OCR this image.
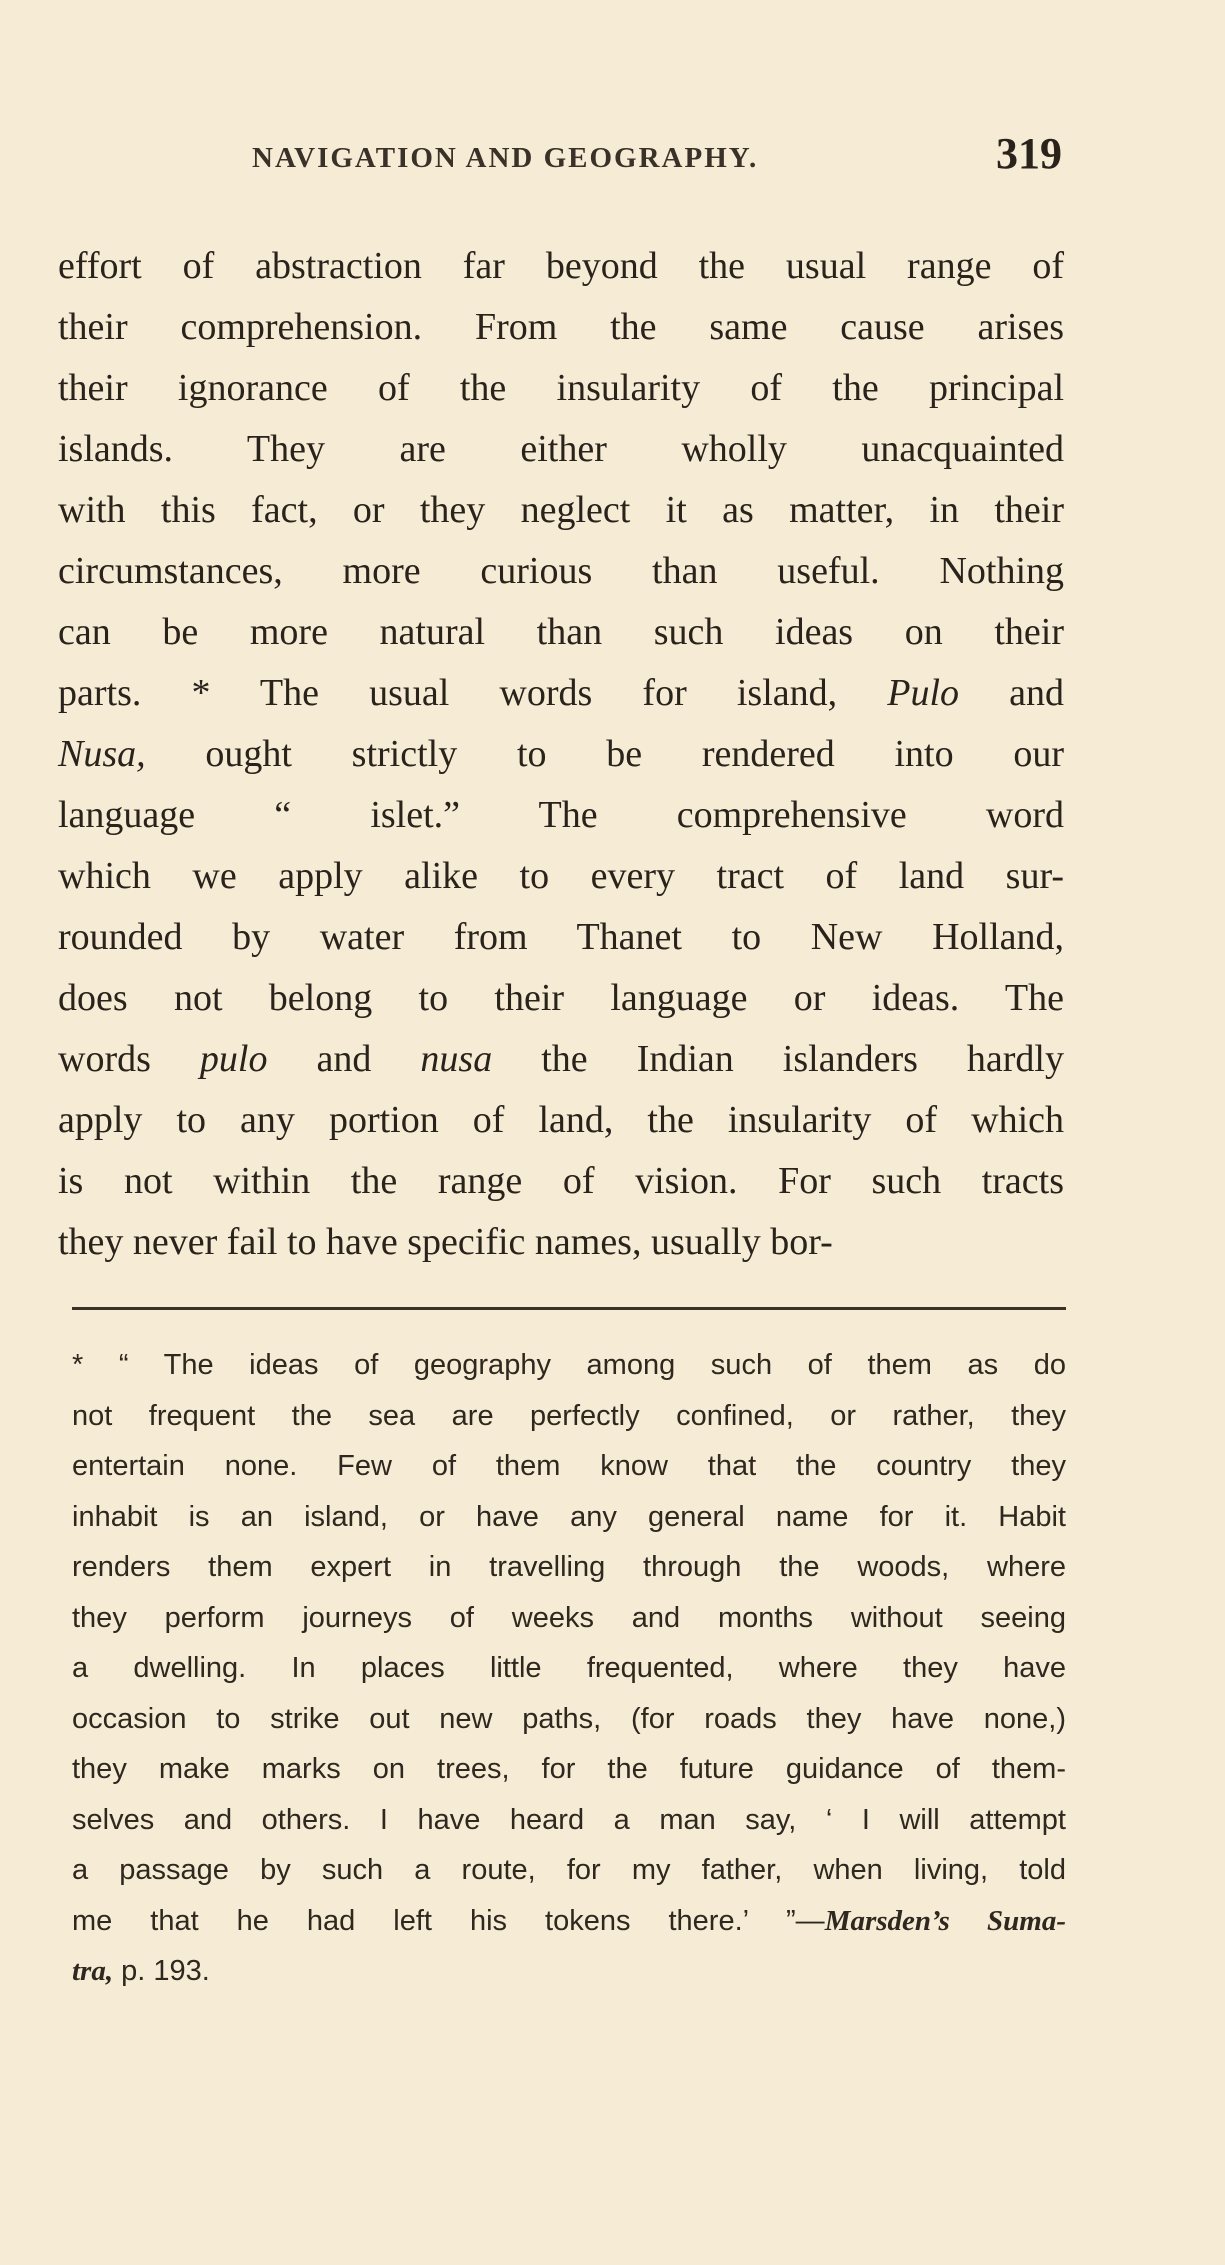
NAVIGATION AND GEOGRAPHY.	319
effort of abstraction far beyond the usual range of
their comprehension. From the same cause arises
their ignorance of the insularity of the principal
islands. They are either wholly unacquainted
with this fact, or they neglect it as matter, in their
circumstances, more curious than useful. Nothing
can be more natural than such ideas on their
parts. * The usual words for island, Pulo and
Nusa, ought strictly to be rendered into our
language “ islet.” The comprehensive word
which we apply alike to every tract of land sur-
rounded by water from Thanet to New Holland,
does not belong to their language or ideas. The
words pulo and nusa the Indian islanders hardly
apply to any portion of land, the insularity of which
is not within the range of vision. For such tracts
they never fail to have specific names, usually bor-
* “ The ideas of geography among such of them as do
not frequent the sea are perfectly confined, or rather, they
entertain none. Few of them know that the country they
inhabit is an island, or have any general name for it. Habit
renders them expert in travelling through the woods, where
they perform journeys of weeks and months without seeing
a dwelling. In places little frequented, where they have
occasion to strike out new paths, (for roads they have none,)
they make marks on trees, for the future guidance of them-
selves and others. I have heard a man say, ‘ I will attempt
a passage by such a route, for my father, when living, told
me that he had left his tokens there.’ ”—Marsden’s Suma-
tra, p. 193.
